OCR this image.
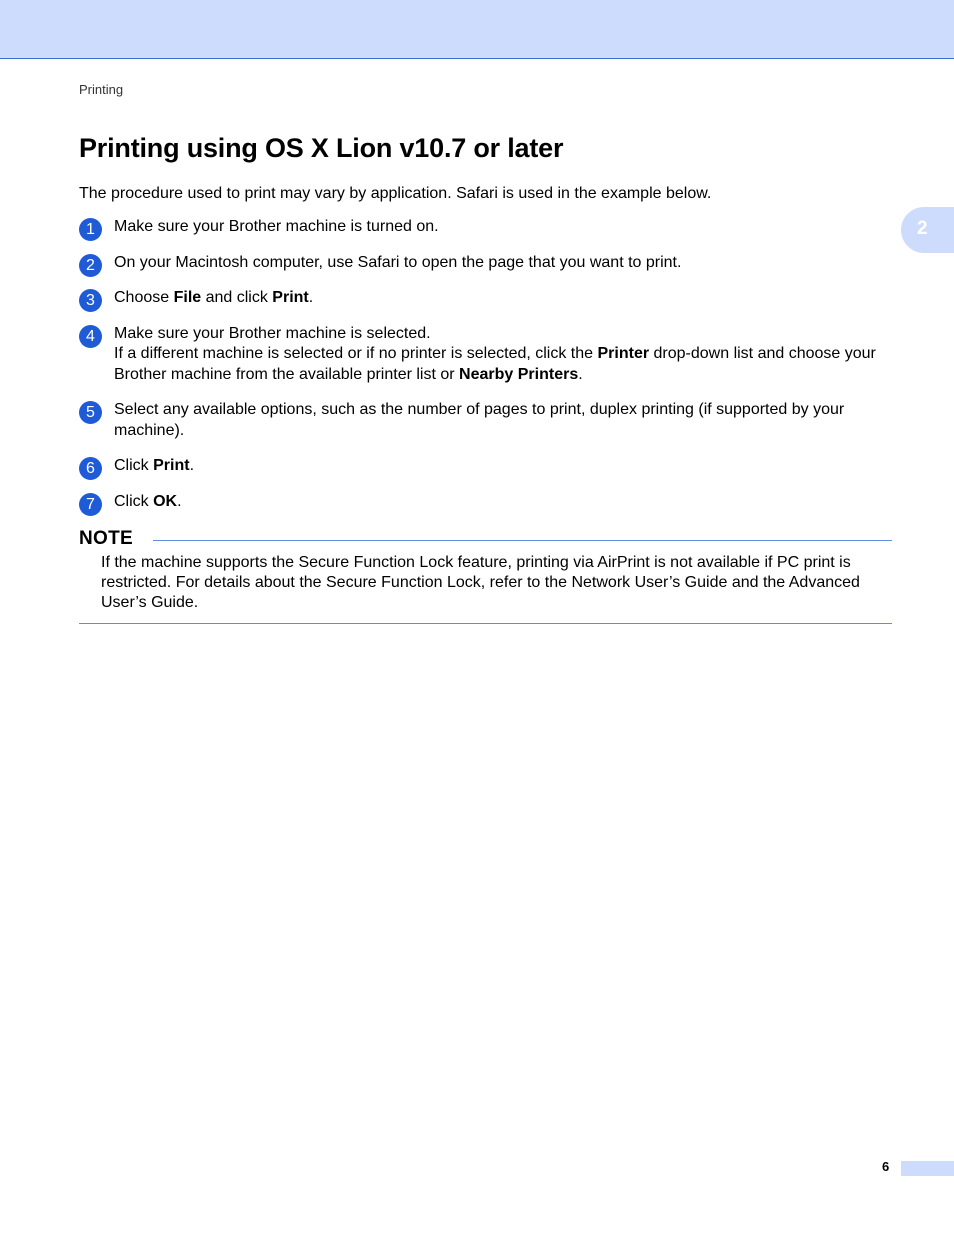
Printing
2
Printing using OS X Lion v10.7 or later

The procedure used to print may vary by application. Safari is used in the example below.

1	Make sure your Brother machine is turned on.

2	On your Macintosh computer, use Safari to open the page that you want to print.

3	Choose File and click Print.

4	Make sure your Brother machine is selected.

If a different machine is selected or if no printer is selected, click the Printer drop-down list and choose your Brother machine from the available printer list or Nearby Printers.

5	Select any available options, such as the number of pages to print, duplex printing (if supported by your machine).

6	Click Print.

7	Click OK.

NOTE

If the machine supports the Secure Function Lock feature, printing via AirPrint is not available if PC print is restricted. For details about the Secure Function Lock, refer to the Network User’s Guide and the Advanced User’s Guide.

6
